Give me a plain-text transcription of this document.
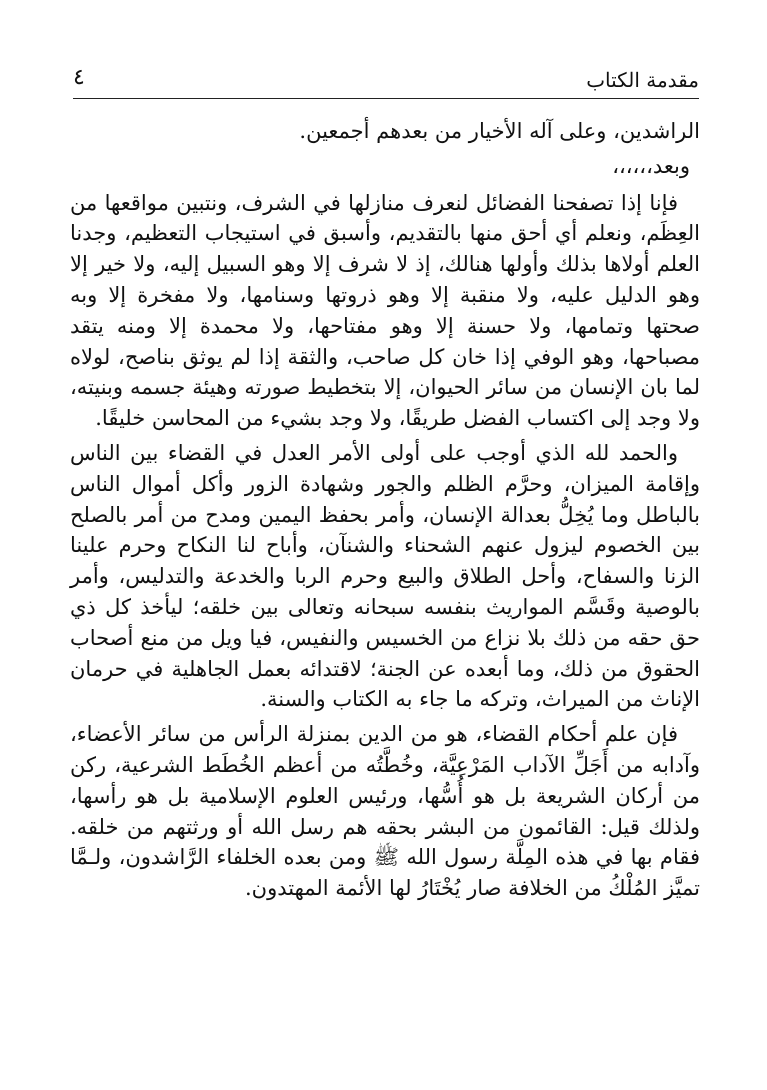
٤	مقدمة الكتاب

الراشدين، وعلى آله الأخيار من بعدهم أجمعين.

وبعد،،،،،،

فإنا إذا تصفحنا الفضائل لنعرف منازلها في الشرف، ونتبين مواقعها من العِظَم، ونعلم أي أحق منها بالتقديم، وأسبق في استيجاب التعظيم، وجدنا العلم أولاها بذلك وأولها هنالك، إذ لا شرف إلا وهو السبيل إليه، ولا خير إلا وهو الدليل عليه، ولا منقبة إلا وهو ذروتها وسنامها، ولا مفخرة إلا وبه صحتها وتمامها، ولا حسنة إلا وهو مفتاحها، ولا محمدة إلا ومنه يتقد مصباحها، وهو الوفي إذا خان كل صاحب، والثقة إذا لم يوثق بناصح، لولاه لما بان الإنسان من سائر الحيوان، إلا بتخطيط صورته وهيئة جسمه وبنيته، ولا وجد إلى اكتساب الفضل طريقًا، ولا وجد بشيء من المحاسن خليقًا.

والحمد لله الذي أوجب على أولى الأمر العدل في القضاء بين الناس وإقامة الميزان، وحرَّم الظلم والجور وشهادة الزور وأكل أموال الناس بالباطل وما يُخِلُّ بعدالة الإنسان، وأمر بحفظ اليمين ومدح من أمر بالصلح بين الخصوم ليزول عنهم الشحناء والشنآن، وأباح لنا النكاح وحرم علينا الزنا والسفاح، وأحل الطلاق والبيع وحرم الربا والخدعة والتدليس، وأمر بالوصية وقَسَّم المواريث بنفسه سبحانه وتعالى بين خلقه؛ ليأخذ كل ذي حق حقه من ذلك بلا نزاع من الخسيس والنفيس، فيا ويل من منع أصحاب الحقوق من ذلك، وما أبعده عن الجنة؛ لاقتدائه بعمل الجاهلية في حرمان الإناث من الميراث، وتركه ما جاء به الكتاب والسنة.

فإن علم أحكام القضاء، هو من الدين بمنزلة الرأس من سائر الأعضاء، وآدابه من أَجَلِّ الآداب المَرْعِيَّة، وخُطَّتُه من أعظم الخُطَط الشرعية، ركن من أركان الشريعة بل هو أُسُّها، ورئيس العلوم الإسلامية بل هو رأسها، ولذلك قيل: القائمون من البشر بحقه هم رسل الله أو ورثتهم من خلقه. فقام بها في هذه المِلَّة رسول الله ﷺ ومن بعده الخلفاء الرَّاشدون، ولـمَّا تميَّز المُلْكُ من الخلافة صار يُخْتَارُ لها الأئمة المهتدون.
